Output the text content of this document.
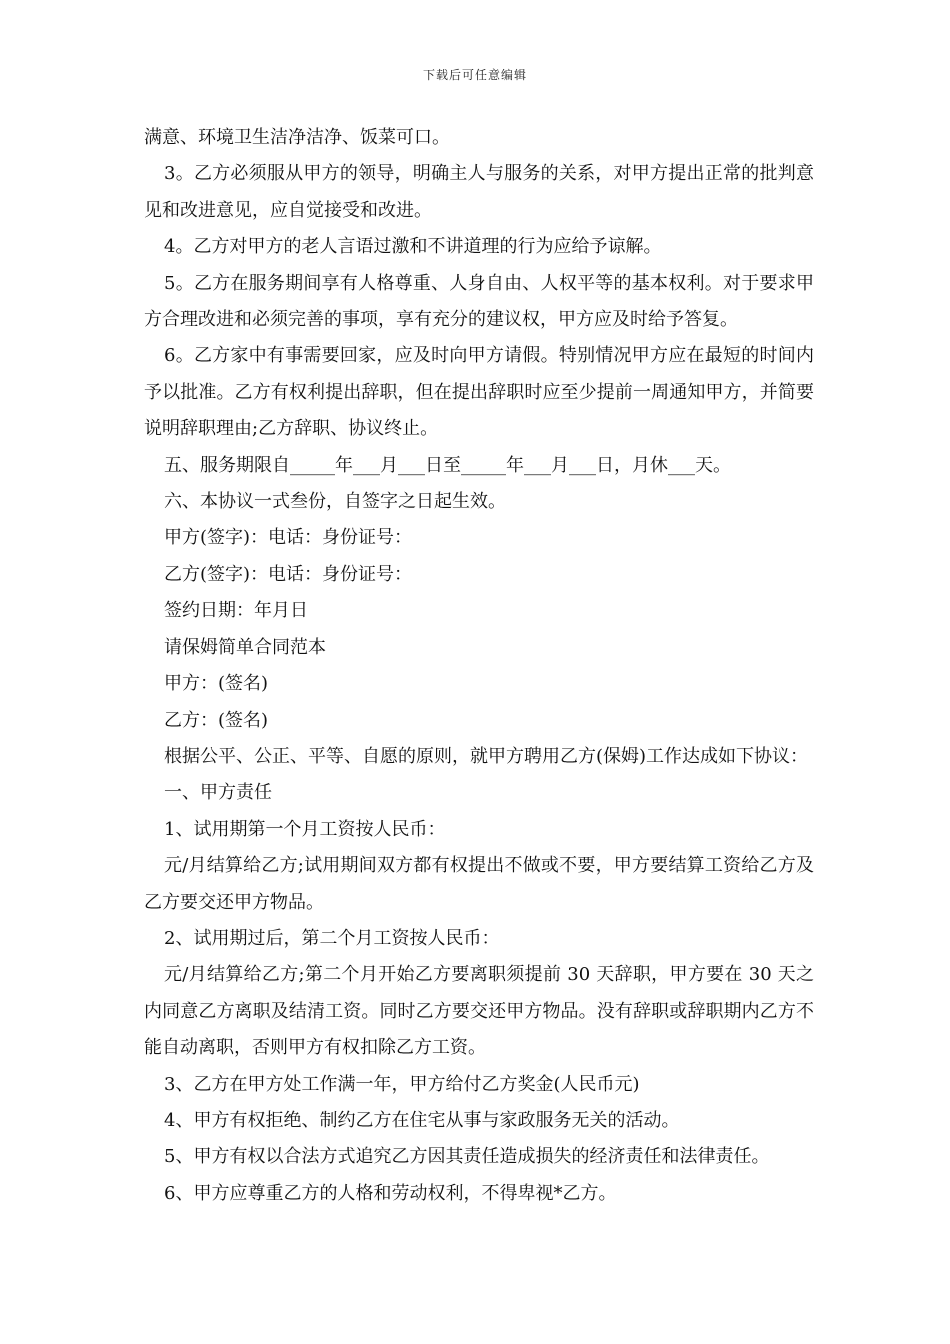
下载后可任意编辑

满意、环境卫生洁净洁净、饭菜可口。

3。乙方必须服从甲方的领导，明确主人与服务的关系，对甲方提出正常的批判意见和改进意见，应自觉接受和改进。

4。乙方对甲方的老人言语过激和不讲道理的行为应给予谅解。

5。乙方在服务期间享有人格尊重、人身自由、人权平等的基本权利。对于要求甲方合理改进和必须完善的事项，享有充分的建议权，甲方应及时给予答复。

6。乙方家中有事需要回家，应及时向甲方请假。特别情况甲方应在最短的时间内予以批准。乙方有权利提出辞职，但在提出辞职时应至少提前一周通知甲方，并简要说明辞职理由;乙方辞职、协议终止。

五、服务期限自_____年___月___日至_____年___月___日，月休___天。

六、本协议一式叁份，自签字之日起生效。

甲方(签字)：电话：身份证号：

乙方(签字)：电话：身份证号：

签约日期：年月日

请保姆简单合同范本

甲方：(签名)

乙方：(签名)

根据公平、公正、平等、自愿的原则，就甲方聘用乙方(保姆)工作达成如下协议：

一、甲方责任

1、试用期第一个月工资按人民币：

元/月结算给乙方;试用期间双方都有权提出不做或不要，甲方要结算工资给乙方及乙方要交还甲方物品。

2、试用期过后，第二个月工资按人民币：

元/月结算给乙方;第二个月开始乙方要离职须提前 30 天辞职，甲方要在 30 天之内同意乙方离职及结清工资。同时乙方要交还甲方物品。没有辞职或辞职期内乙方不能自动离职，否则甲方有权扣除乙方工资。

3、乙方在甲方处工作满一年，甲方给付乙方奖金(人民币元)

4、甲方有权拒绝、制约乙方在住宅从事与家政服务无关的活动。

5、甲方有权以合法方式追究乙方因其责任造成损失的经济责任和法律责任。

6、甲方应尊重乙方的人格和劳动权利，不得卑视*乙方。
